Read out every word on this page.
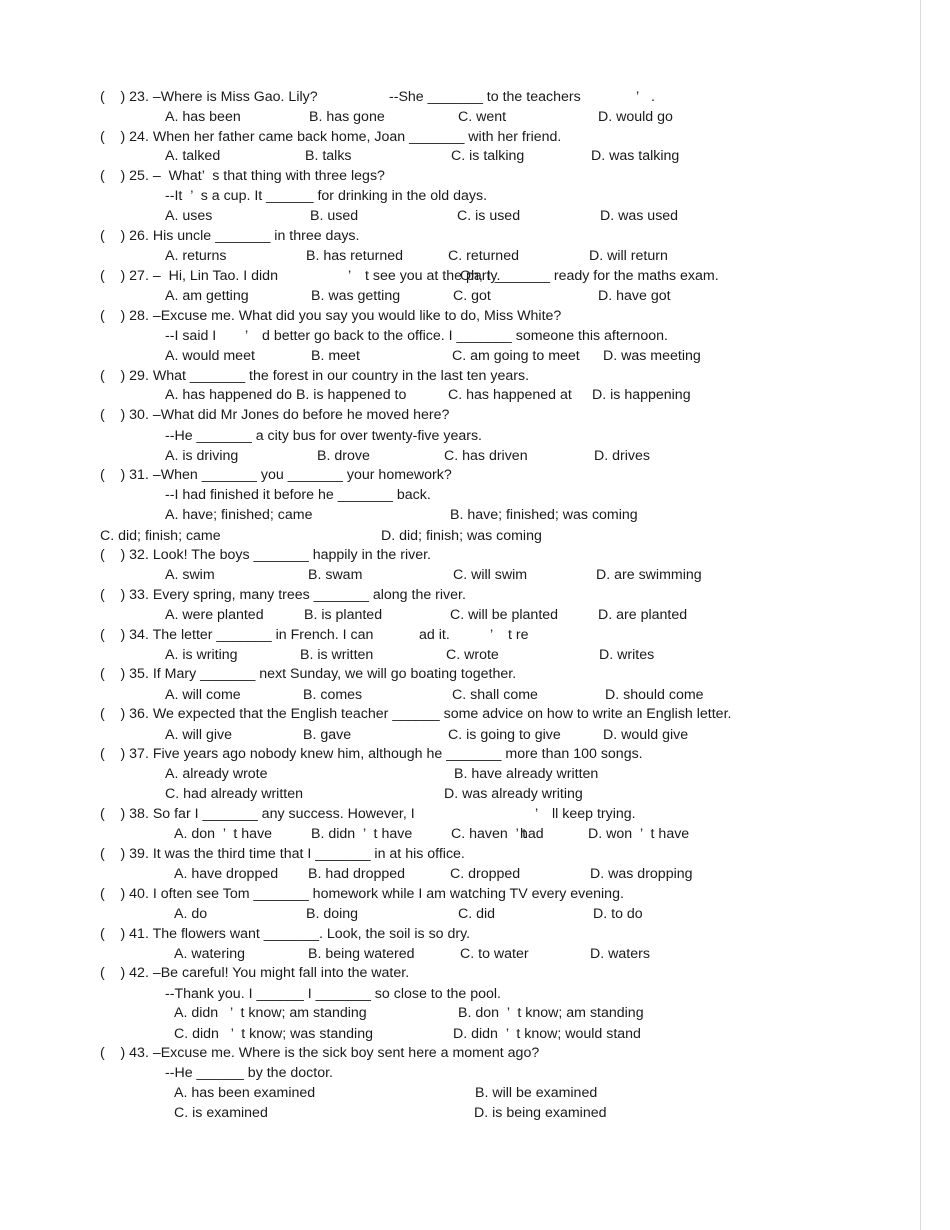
(    ) 23. –Where is Miss Gao. Lily?	--She _______ to the teachers	’ .
A. has been	B. has gone	C. went	D. would go
(    ) 24. When her father came back home, Joan _______ with her friend.
A. talked	B. talks	C. is talking	D. was talking
(    ) 25. –  What’  s that thing with three legs?
--It  ’  s a cup. It ______ for drinking in the old days.
A. uses	B. used	C. is used	D. was used
(    ) 26. His uncle _______ in three days.
A. returns	B. has returned	C. returned	D. will return
(    ) 27. –  Hi, Lin Tao. I didn	’ t see you at the party.
Oh, I _______ ready for the maths exam.
A. am getting	B. was getting	C. got	D. have got
(    ) 28. –Excuse me. What did you say you would like to do, Miss White?
--I said I ’ d better go back to the office. I _______ someone this afternoon.
A. would meet	B. meet	C. am going to meet D. was meeting
(    ) 29. What _______ the forest in our country in the last ten years.
A. has happened do B. is happened to	C. has happened at D. is happening
(    ) 30. –What did Mr Jones do before he moved here?
--He _______ a city bus for over twenty-five years.
A. is driving	B. drove	C. has driven	D. drives
(    ) 31. –When _______ you _______ your homework?
--I had finished it before he _______ back.
A. have; finished; came	B. have; finished; was coming
C. did; finish; came	D. did; finish; was coming
(    ) 32. Look! The boys _______ happily in the river.
A. swim	B. swam	C. will swim	D. are swimming
(    ) 33. Every spring, many trees _______ along the river.
A. were planted	B. is planted	C. will be planted	D. are planted
(    ) 34. The letter _______ in French. I can	’ t re
ad it.
A. is writing	B. is written	C. wrote	D. writes
(    ) 35. If Mary _______ next Sunday, we will go boating together.
A. will come	B. comes	C. shall come	D. should come
(    ) 36. We expected that the English teacher ______ some advice on how to write an English letter.
A. will give	B. gave	C. is going to give	D. would give
(    ) 37. Five years ago nobody knew him, although he _______ more than 100 songs.
A. already wrote	B. have already written
C. had already written	D. was already writing
(    ) 38. So far I _______ any success. However, I	’ ll keep trying.
A. don  ’  t have	B. didn  ’  t have	C. haven  ’ t
had	D. won  ’  t have
(    ) 39. It was the third time that I _______ in at his office.
A. have dropped B. had dropped	C. dropped	D. was dropping
(    ) 40. I often see Tom _______ homework while I am watching TV every evening.
A. do	B. doing	C. did	D. to do
(    ) 41. The flowers want _______. Look, the soil is so dry.
A. watering	B. being watered	C. to water	D. waters
(    ) 42. –Be careful! You might fall into the water.
--Thank you. I ______ I _______ so close to the pool.
A. didn   ’  t know; am standing	B. don  ’  t know; am standing
C. didn   ’  t know; was standing	D. didn  ’  t know; would stand
(    ) 43. –Excuse me. Where is the sick boy sent here a moment ago?
--He ______ by the doctor.
A. has been examined	B. will be examined
C. is examined	D. is being examined
